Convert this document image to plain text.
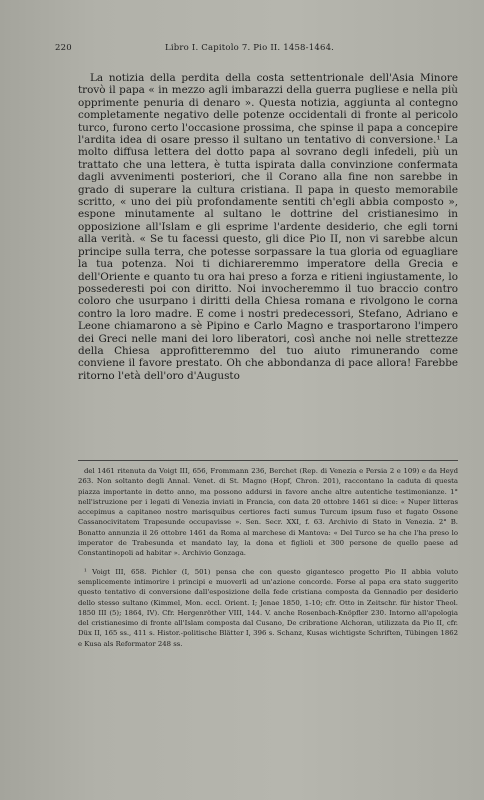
220	Libro I. Capitolo 7. Pio II. 1458-1464.

La notizia della perdita della costa settentrionale dell'Asia Minore trovò il papa « in mezzo agli imbarazzi della guerra pugliese e nella più opprimente penuria di denaro ». Questa notizia, aggiunta al contegno completamente negativo delle potenze occidentali di fronte al pericolo turco, furono certo l'occasione prossima, che spinse il papa a concepire l'ardita idea di osare presso il sultano un tentativo di conversione.¹ La molto diffusa lettera del dotto papa al sovrano degli infedeli, più un trattato che una lettera, è tutta ispirata dalla convinzione confermata dagli avvenimenti posteriori, che il Corano alla fine non sarebbe in grado di superare la cultura cristiana. Il papa in questo memorabile scritto, « uno dei più profondamente sentiti ch'egli abbia composto », espone minutamente al sultano le dottrine del cristianesimo in opposizione all'Islam e gli esprime l'ardente desiderio, che egli torni alla verità. « Se tu facessi questo, gli dice Pio II, non vi sarebbe alcun principe sulla terra, che potesse sorpassare la tua gloria od eguagliare la tua potenza. Noi ti dichiareremmo imperatore della Grecia e dell'Oriente e quanto tu ora hai preso a forza e ritieni ingiustamente, lo possederesti poi con diritto. Noi invocheremmo il tuo braccio contro coloro che usurpano i diritti della Chiesa romana e rivolgono le corna contro la loro madre. E come i nostri predecessori, Stefano, Adriano e Leone chiamarono a sè Pipino e Carlo Magno e trasportarono l'impero dei Greci nelle mani dei loro liberatori, così anche noi nelle strettezze della Chiesa approfitteremmo del tuo aiuto rimunerando come conviene il favore prestato. Oh che abbondanza di pace allora! Farebbe ritorno l'età dell'oro d'Augusto

del 1461 ritenuta da Voigt III, 656, Frommann 236, Berchet (Rep. di Venezia e Persia 2 e 109) e da Heyd 263. Non soltanto degli Annal. Venet. di St. Magno (Hopf, Chron. 201), raccontano la caduta di questa piazza importante in detto anno, ma possono addursi in favore anche altre autentiche testimonianze. 1° nell'istruzione per i legati di Venezia inviati in Francia, con data 20 ottobre 1461 si dice: « Nuper litteras accepimus a capitaneo nostro marisquibus certiores facti sumus Turcum ipsum fuso et fugato Ossone Cassanocivitatem Trapesunde occupavisse ». Sen. Secr. XXI, f. 63. Archivio di Stato in Venezia. 2° B. Bonatto annunzia il 26 ottobre 1461 da Roma al marchese di Mantova: « Del Turco se ha che l'ha preso lo imperator de Trabesunda et mandato lay, la dona et figlioli et 300 persone de quello paese ad Constantinopoli ad habitar ». Archivio Gonzaga.

¹ Voigt III, 658. Pichler (I, 501) pensa che con questo gigantesco progetto Pio II abbia voluto semplicemente intimorire i principi e muoverli ad un'azione concorde. Forse al papa era stato suggerito questo tentativo di conversione dall'esposizione della fede cristiana composta da Gennadio per desiderio dello stesso sultano (Kimmel, Mon. eccl. Orient. I; Jenae 1850, 1-10; cfr. Otto in Zeitschr. für histor Theol. 1850 III (5); 1864, IV). Cfr. Hergenröther VIII, 144. V. anche Rosenbach-Knöpfler 230. Intorno all'apologia del cristianesimo di fronte all'Islam composta dal Cusano, De cribratione Alchoran, utilizzata da Pio II, cfr. Düx II, 165 ss., 411 s. Histor.-politische Blätter I, 396 s. Schanz, Kusas wichtigste Schriften, Tübingen 1862 e Kusa als Reformator 248 ss.
